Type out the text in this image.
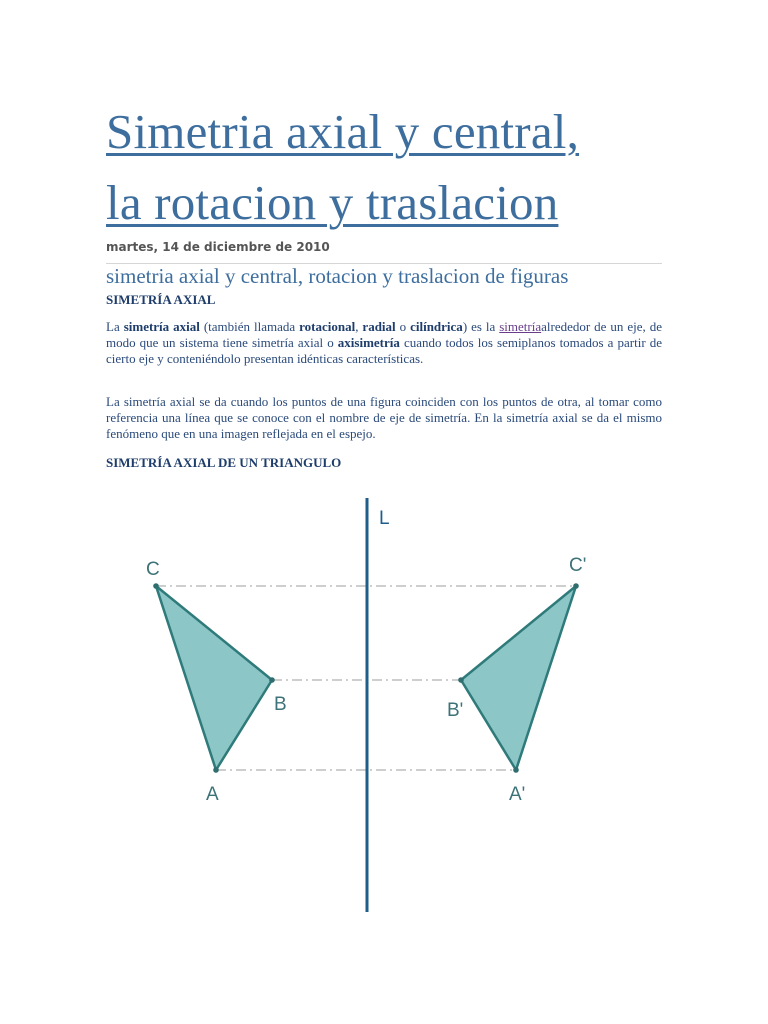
Simetria axial y central,
la rotacion y traslacion
martes, 14 de diciembre de 2010
simetria axial y central, rotacion y traslacion de figuras
SIMETRÍA AXIAL

La simetría axial (también llamada rotacional, radial o cilíndrica) es la simetríaalrededor de un eje, de modo que un sistema tiene simetría axial o axisimetría cuando todos los semiplanos tomados a partir de cierto eje y conteniéndolo presentan idénticas características.

La simetría axial se da cuando los puntos de una figura coinciden con los puntos de otra, al tomar como referencia una línea que se conoce con el nombre de eje de simetría. En la simetría axial se da el mismo fenómeno que en una imagen reflejada en el espejo.

SIMETRÍA AXIAL DE UN TRIANGULO
L
C
B
A
C'
B'
A'
